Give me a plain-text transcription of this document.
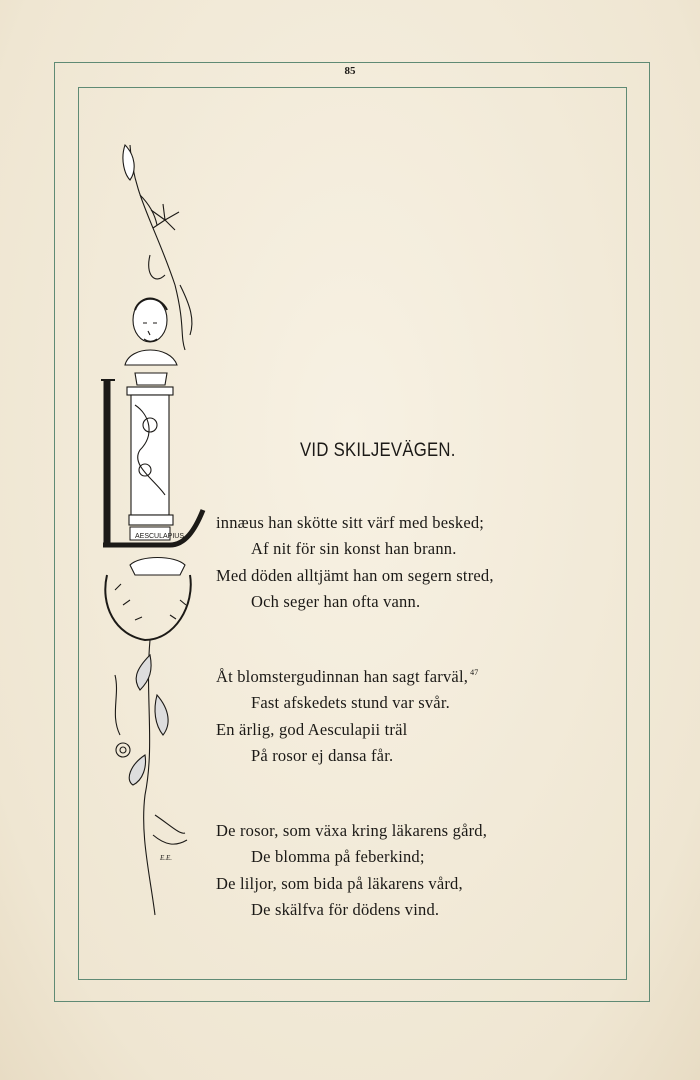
85
AESCULAPIUS
E.E.
VID SKILJEVÄGEN.
innæus han skötte sitt värf med besked;
Af nit för sin konst han brann.
Med döden alltjämt han om segern stred,
Och seger han ofta vann.
Åt blomstergudinnan han sagt farväl, $^{47}$
Fast afskedets stund var svår.
En ärlig, god Aesculapii träl
På rosor ej dansa får.
De rosor, som växa kring läkarens gård,
De blomma på feberkind;
De liljor, som bida på läkarens vård,
De skälfva för dödens vind.
